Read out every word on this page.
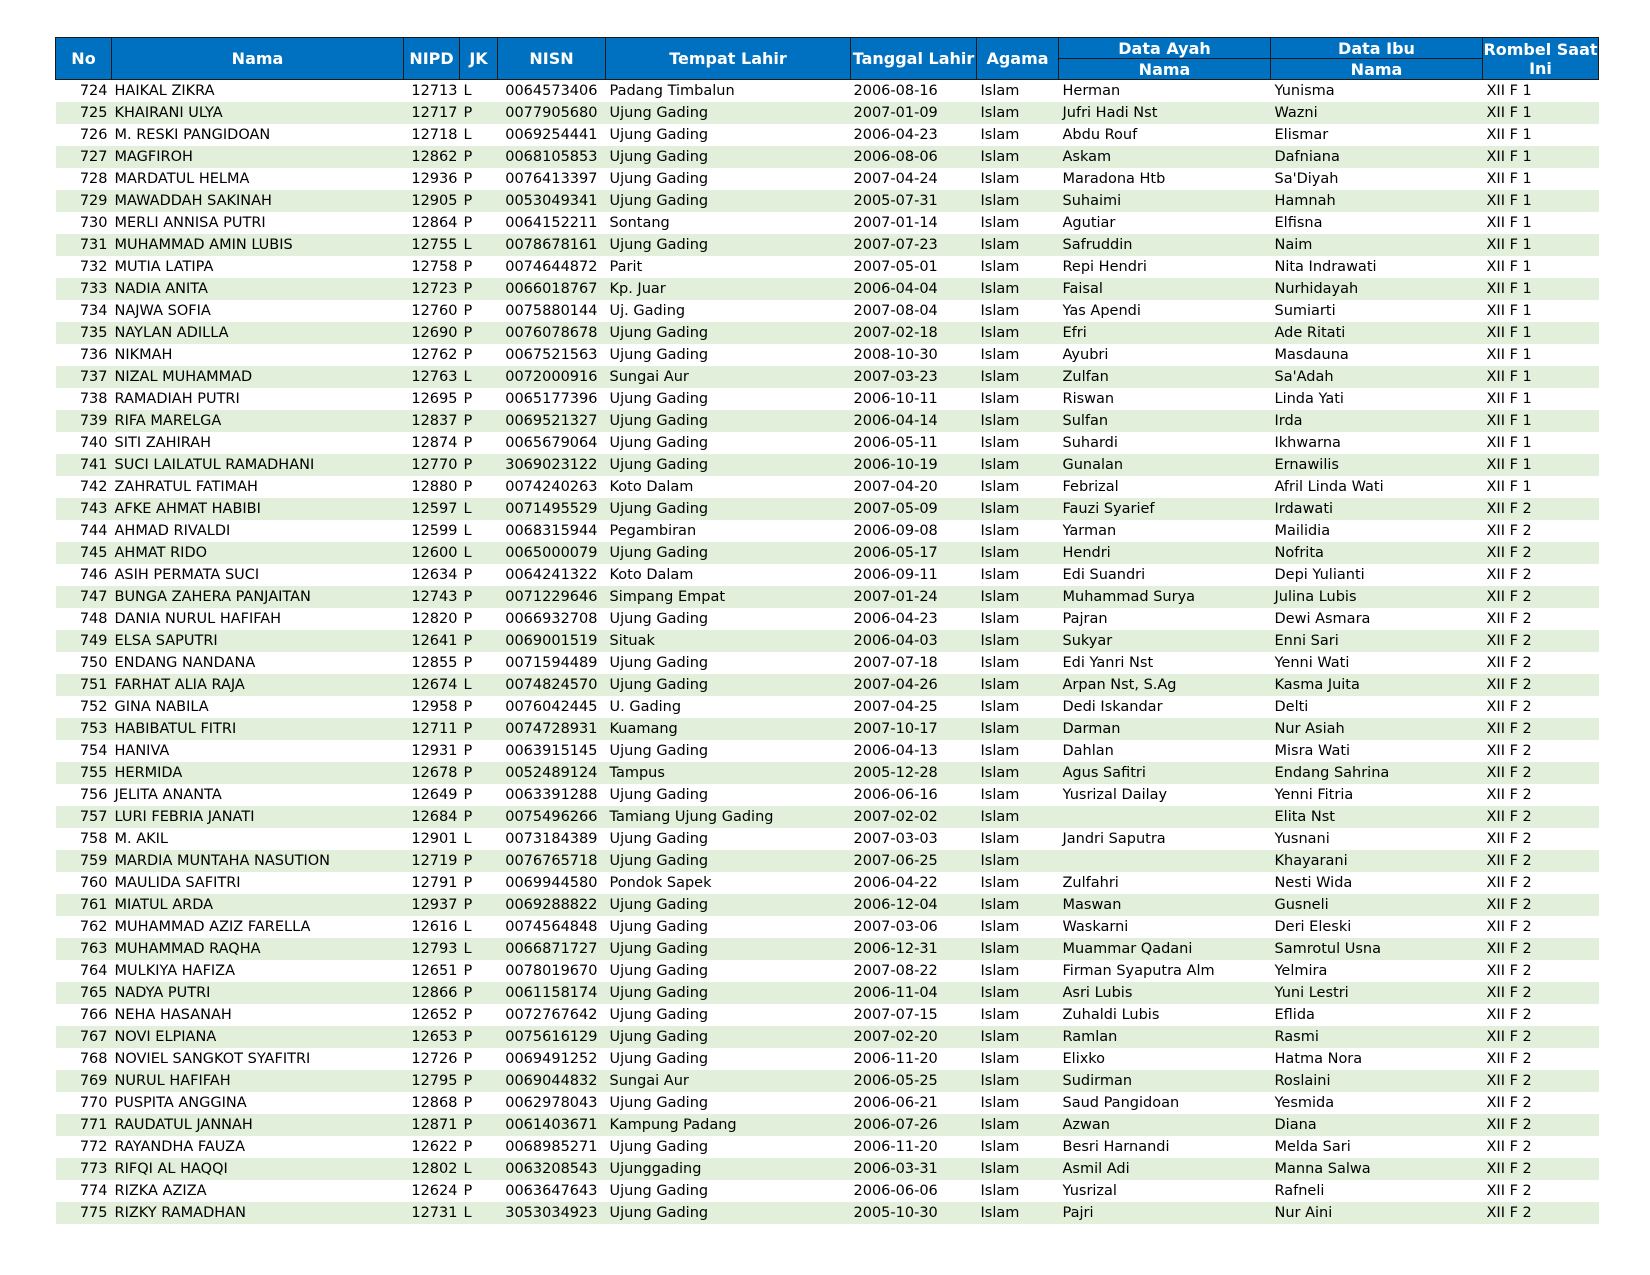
No	Nama	NIPD	JK	NISN	Tempat Lahir	Tanggal Lahir	Agama	Data Ayah	Data Ibu	Rombel Saat Ini
								Nama	Nama	
724	HAIKAL ZIKRA	12713	L	0064573406	Padang Timbalun	2006-08-16	Islam	Herman	Yunisma	XII F 1
725	KHAIRANI ULYA	12717	P	0077905680	Ujung Gading	2007-01-09	Islam	Jufri Hadi Nst	Wazni	XII F 1
726	M. RESKI PANGIDOAN	12718	L	0069254441	Ujung Gading	2006-04-23	Islam	Abdu Rouf	Elismar	XII F 1
727	MAGFIROH	12862	P	0068105853	Ujung Gading	2006-08-06	Islam	Askam	Dafniana	XII F 1
728	MARDATUL HELMA	12936	P	0076413397	Ujung Gading	2007-04-24	Islam	Maradona Htb	Sa'Diyah	XII F 1
729	MAWADDAH SAKINAH	12905	P	0053049341	Ujung Gading	2005-07-31	Islam	Suhaimi	Hamnah	XII F 1
730	MERLI ANNISA PUTRI	12864	P	0064152211	Sontang	2007-01-14	Islam	Agutiar	Elfisna	XII F 1
731	MUHAMMAD AMIN LUBIS	12755	L	0078678161	Ujung Gading	2007-07-23	Islam	Safruddin	Naim	XII F 1
732	MUTIA LATIPA	12758	P	0074644872	Parit	2007-05-01	Islam	Repi Hendri	Nita Indrawati	XII F 1
733	NADIA ANITA	12723	P	0066018767	Kp. Juar	2006-04-04	Islam	Faisal	Nurhidayah	XII F 1
734	NAJWA SOFIA	12760	P	0075880144	Uj. Gading	2007-08-04	Islam	Yas Apendi	Sumiarti	XII F 1
735	NAYLAN ADILLA	12690	P	0076078678	Ujung Gading	2007-02-18	Islam	Efri	Ade Ritati	XII F 1
736	NIKMAH	12762	P	0067521563	Ujung Gading	2008-10-30	Islam	Ayubri	Masdauna	XII F 1
737	NIZAL MUHAMMAD	12763	L	0072000916	Sungai Aur	2007-03-23	Islam	Zulfan	Sa'Adah	XII F 1
738	RAMADIAH PUTRI	12695	P	0065177396	Ujung Gading	2006-10-11	Islam	Riswan	Linda Yati	XII F 1
739	RIFA MARELGA	12837	P	0069521327	Ujung Gading	2006-04-14	Islam	Sulfan	Irda	XII F 1
740	SITI ZAHIRAH	12874	P	0065679064	Ujung Gading	2006-05-11	Islam	Suhardi	Ikhwarna	XII F 1
741	SUCI LAILATUL RAMADHANI	12770	P	3069023122	Ujung Gading	2006-10-19	Islam	Gunalan	Ernawilis	XII F 1
742	ZAHRATUL FATIMAH	12880	P	0074240263	Koto Dalam	2007-04-20	Islam	Febrizal	Afril Linda Wati	XII F 1
743	AFKE AHMAT HABIBI	12597	L	0071495529	Ujung Gading	2007-05-09	Islam	Fauzi Syarief	Irdawati	XII F 2
744	AHMAD RIVALDI	12599	L	0068315944	Pegambiran	2006-09-08	Islam	Yarman	Mailidia	XII F 2
745	AHMAT RIDO	12600	L	0065000079	Ujung Gading	2006-05-17	Islam	Hendri	Nofrita	XII F 2
746	ASIH PERMATA SUCI	12634	P	0064241322	Koto Dalam	2006-09-11	Islam	Edi Suandri	Depi Yulianti	XII F 2
747	BUNGA ZAHERA PANJAITAN	12743	P	0071229646	Simpang Empat	2007-01-24	Islam	Muhammad Surya	Julina Lubis	XII F 2
748	DANIA NURUL HAFIFAH	12820	P	0066932708	Ujung Gading	2006-04-23	Islam	Pajran	Dewi Asmara	XII F 2
749	ELSA SAPUTRI	12641	P	0069001519	Situak	2006-04-03	Islam	Sukyar	Enni Sari	XII F 2
750	ENDANG NANDANA	12855	P	0071594489	Ujung Gading	2007-07-18	Islam	Edi Yanri Nst	Yenni Wati	XII F 2
751	FARHAT ALIA RAJA	12674	L	0074824570	Ujung Gading	2007-04-26	Islam	Arpan Nst, S.Ag	Kasma Juita	XII F 2
752	GINA NABILA	12958	P	0076042445	U. Gading	2007-04-25	Islam	Dedi Iskandar	Delti	XII F 2
753	HABIBATUL FITRI	12711	P	0074728931	Kuamang	2007-10-17	Islam	Darman	Nur Asiah	XII F 2
754	HANIVA	12931	P	0063915145	Ujung Gading	2006-04-13	Islam	Dahlan	Misra Wati	XII F 2
755	HERMIDA	12678	P	0052489124	Tampus	2005-12-28	Islam	Agus Safitri	Endang Sahrina	XII F 2
756	JELITA ANANTA	12649	P	0063391288	Ujung Gading	2006-06-16	Islam	Yusrizal Dailay	Yenni Fitria	XII F 2
757	LURI FEBRIA JANATI	12684	P	0075496266	Tamiang Ujung Gading	2007-02-02	Islam		Elita Nst	XII F 2
758	M. AKIL	12901	L	0073184389	Ujung Gading	2007-03-03	Islam	Jandri Saputra	Yusnani	XII F 2
759	MARDIA MUNTAHA NASUTION	12719	P	0076765718	Ujung Gading	2007-06-25	Islam		Khayarani	XII F 2
760	MAULIDA SAFITRI	12791	P	0069944580	Pondok Sapek	2006-04-22	Islam	Zulfahri	Nesti Wida	XII F 2
761	MIATUL ARDA	12937	P	0069288822	Ujung Gading	2006-12-04	Islam	Maswan	Gusneli	XII F 2
762	MUHAMMAD AZIZ FARELLA	12616	L	0074564848	Ujung Gading	2007-03-06	Islam	Waskarni	Deri Eleski	XII F 2
763	MUHAMMAD RAQHA	12793	L	0066871727	Ujung Gading	2006-12-31	Islam	Muammar Qadani	Samrotul Usna	XII F 2
764	MULKIYA HAFIZA	12651	P	0078019670	Ujung Gading	2007-08-22	Islam	Firman Syaputra Alm	Yelmira	XII F 2
765	NADYA PUTRI	12866	P	0061158174	Ujung Gading	2006-11-04	Islam	Asri Lubis	Yuni Lestri	XII F 2
766	NEHA HASANAH	12652	P	0072767642	Ujung Gading	2007-07-15	Islam	Zuhaldi Lubis	Eflida	XII F 2
767	NOVI ELPIANA	12653	P	0075616129	Ujung Gading	2007-02-20	Islam	Ramlan	Rasmi	XII F 2
768	NOVIEL SANGKOT SYAFITRI	12726	P	0069491252	Ujung Gading	2006-11-20	Islam	Elixko	Hatma Nora	XII F 2
769	NURUL HAFIFAH	12795	P	0069044832	Sungai Aur	2006-05-25	Islam	Sudirman	Roslaini	XII F 2
770	PUSPITA ANGGINA	12868	P	0062978043	Ujung Gading	2006-06-21	Islam	Saud Pangidoan	Yesmida	XII F 2
771	RAUDATUL JANNAH	12871	P	0061403671	Kampung Padang	2006-07-26	Islam	Azwan	Diana	XII F 2
772	RAYANDHA FAUZA	12622	P	0068985271	Ujung Gading	2006-11-20	Islam	Besri Harnandi	Melda Sari	XII F 2
773	RIFQI AL HAQQI	12802	L	0063208543	Ujunggading	2006-03-31	Islam	Asmil Adi	Manna Salwa	XII F 2
774	RIZKA AZIZA	12624	P	0063647643	Ujung Gading	2006-06-06	Islam	Yusrizal	Rafneli	XII F 2
775	RIZKY RAMADHAN	12731	L	3053034923	Ujung Gading	2005-10-30	Islam	Pajri	Nur Aini	XII F 2
